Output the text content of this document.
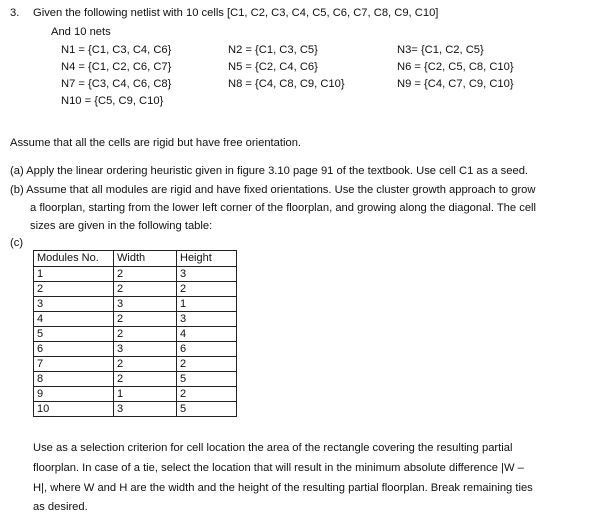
3. Given the following netlist with 10 cells [C1, C2, C3, C4, C5, C6, C7, C8, C9, C10]
And 10 nets
N1 = {C1, C3, C4, C6}	N2 = {C1, C3, C5}	N3= {C1, C2, C5}
N4 = {C1, C2, C6, C7}	N5 = {C2, C4, C6}	N6 = {C2, C5, C8, C10}
N7 = {C3, C4, C6, C8}	N8 = {C4, C8, C9, C10}	N9 = {C4, C7, C9, C10}
N10 = {C5, C9, C10}
Assume that all the cells are rigid but have free orientation.
(a) Apply the linear ordering heuristic given in figure 3.10 page 91 of the textbook. Use cell C1 as a seed.
(b) Assume that all modules are rigid and have fixed orientations. Use the cluster growth approach to grow
a floorplan, starting from the lower left corner of the floorplan, and growing along the diagonal. The cell
sizes are given in the following table:
(c)
Modules No.	Width	Height
1	2	3
2	2	2
3	3	1
4	2	3
5	2	4
6	3	6
7	2	2
8	2	5
9	1	2
10	3	5
Use as a selection criterion for cell location the area of the rectangle covering the resulting partial
floorplan. In case of a tie, select the location that will result in the minimum absolute difference |W –
H|, where W and H are the width and the height of the resulting partial floorplan. Break remaining ties
as desired.
